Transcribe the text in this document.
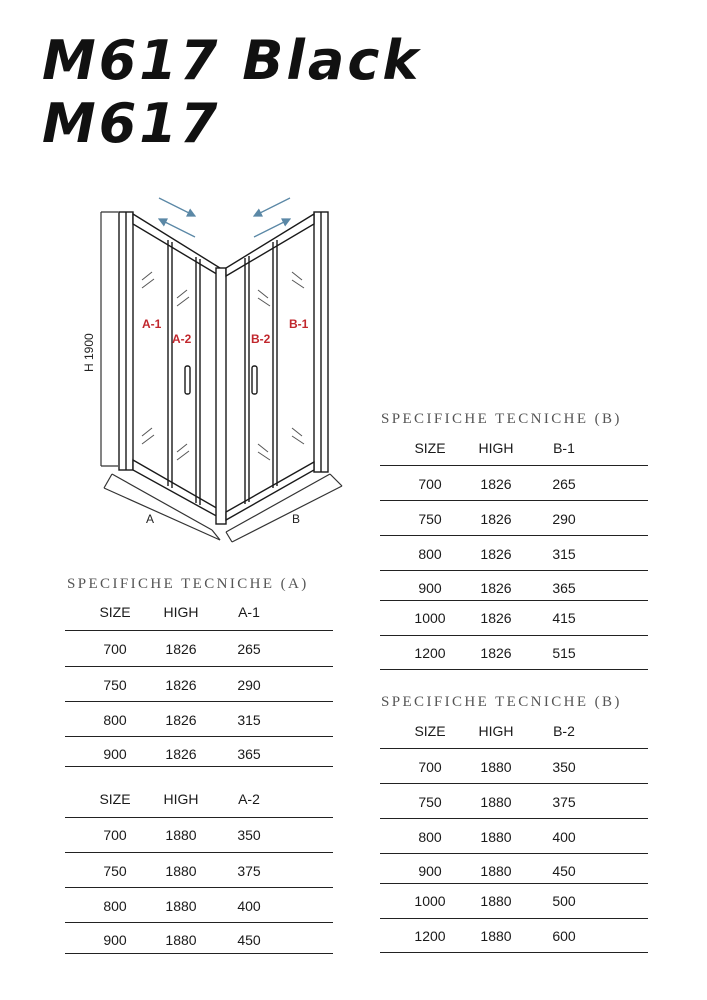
M617 Black
M617
H 1900
A-1
A-2	B-2
B-1
A	B

SPECIFICHE TECNICHE (A)

SIZE	HIGH	A-1
700	1826	265
750	1826	290
800	1826	315
900	1826	365
SIZE	HIGH	A-2
700	1880	350
750	1880	375
800	1880	400
900	1880	450

SPECIFICHE TECNICHE (B)

SIZE	HIGH	B-1
700	1826	265
750	1826	290
800	1826	315
900	1826	365
1000	1826	415
1200	1826	515

SPECIFICHE TECNICHE (B)

SIZE	HIGH	B-2
700	1880	350
750	1880	375
800	1880	400
900	1880	450
1000	1880	500
1200	1880	600
